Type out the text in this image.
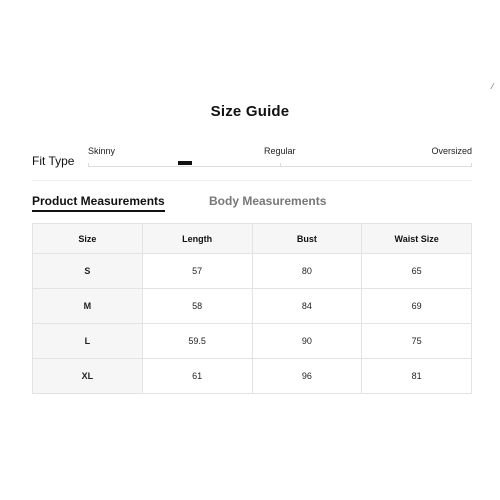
⁄
Size Guide
Fit Type
Skinny	Regular	Oversized
Product Measurements	Body Measurements
Size	Length	Bust	Waist Size
S	57	80	65
M	58	84	69
L	59.5	90	75
XL	61	96	81
